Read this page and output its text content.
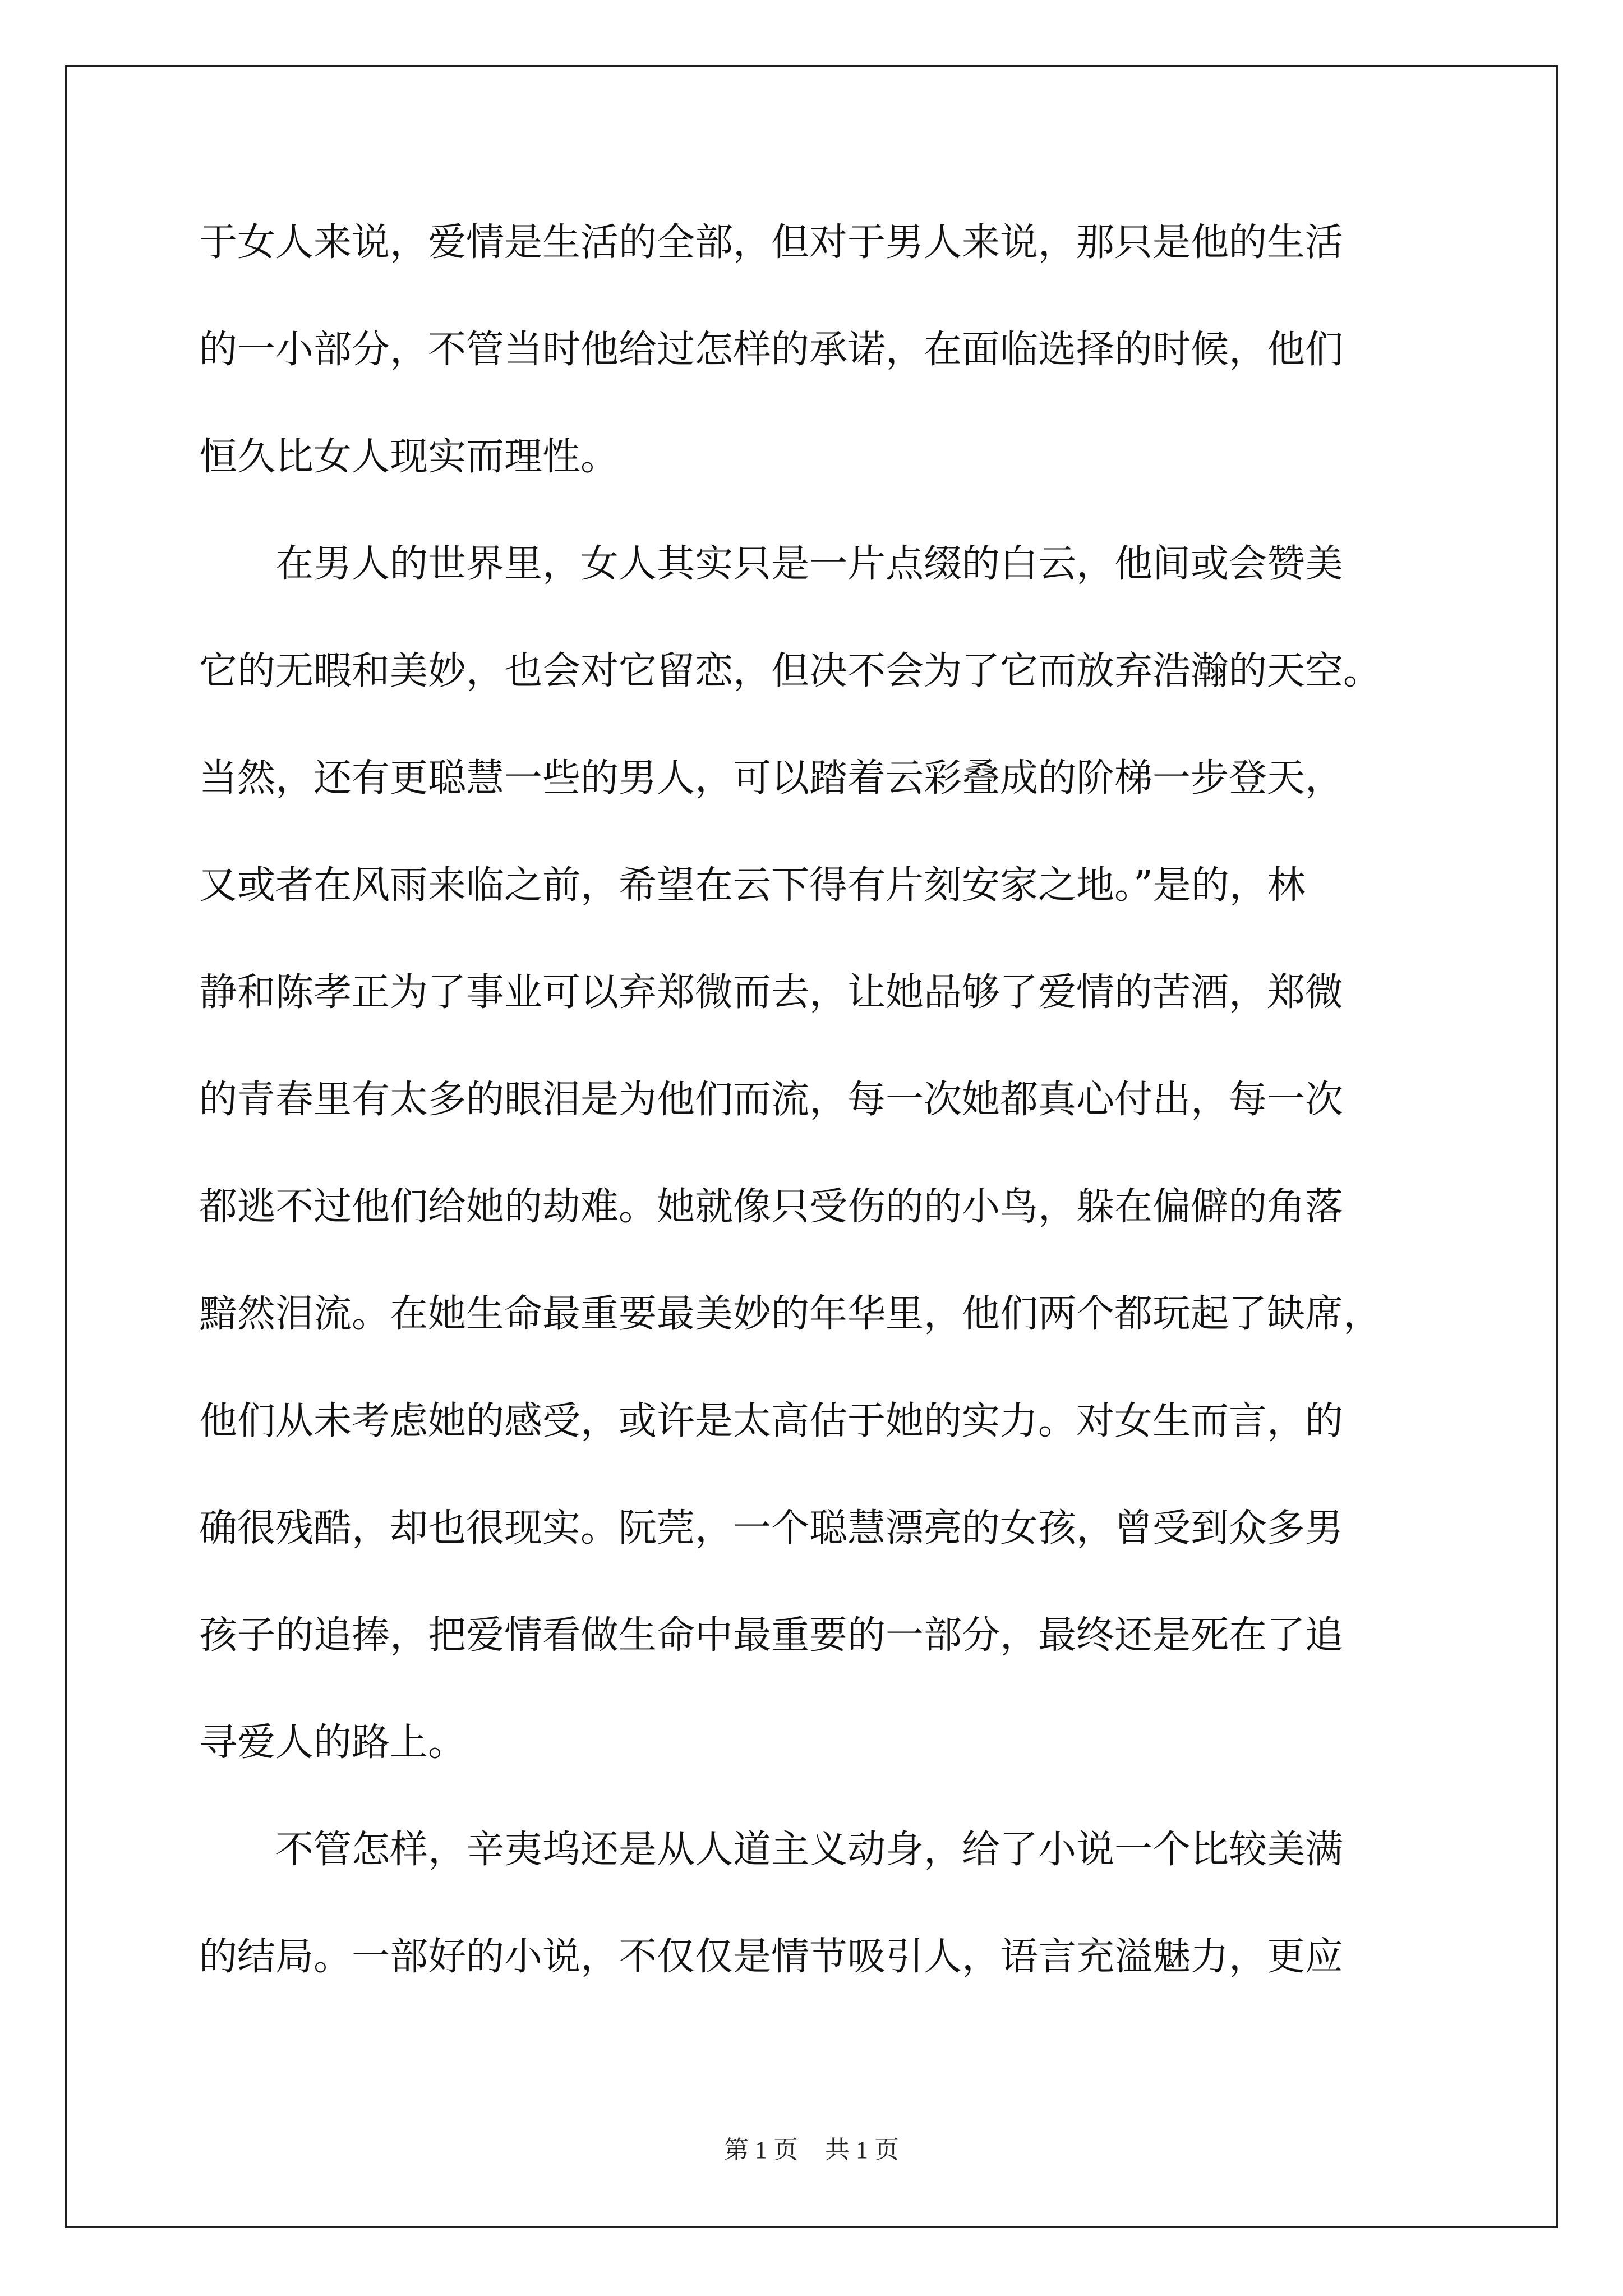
于女人来说，爱情是生活的全部，但对于男人来说，那只是他的生活
的一小部分，不管当时他给过怎样的承诺，在面临选择的时候，他们
恒久比女人现实而理性。
　　在男人的世界里，女人其实只是一片点缀的白云，他间或会赞美
它的无暇和美妙，也会对它留恋，但决不会为了它而放弃浩瀚的天空。
当然，还有更聪慧一些的男人，可以踏着云彩叠成的阶梯一步登天，
又或者在风雨来临之前，希望在云下得有片刻安家之地。”是的，林
静和陈孝正为了事业可以弃郑微而去，让她品够了爱情的苦酒，郑微
的青春里有太多的眼泪是为他们而流，每一次她都真心付出，每一次
都逃不过他们给她的劫难。她就像只受伤的的小鸟，躲在偏僻的角落
黯然泪流。在她生命最重要最美妙的年华里，他们两个都玩起了缺席，
他们从未考虑她的感受，或许是太高估于她的实力。对女生而言，的
确很残酷，却也很现实。阮莞，一个聪慧漂亮的女孩，曾受到众多男
孩子的追捧，把爱情看做生命中最重要的一部分，最终还是死在了追
寻爱人的路上。
　　不管怎样，辛夷坞还是从人道主义动身，给了小说一个比较美满
的结局。一部好的小说，不仅仅是情节吸引人，语言充溢魅力，更应
第 1 页 共 1 页
